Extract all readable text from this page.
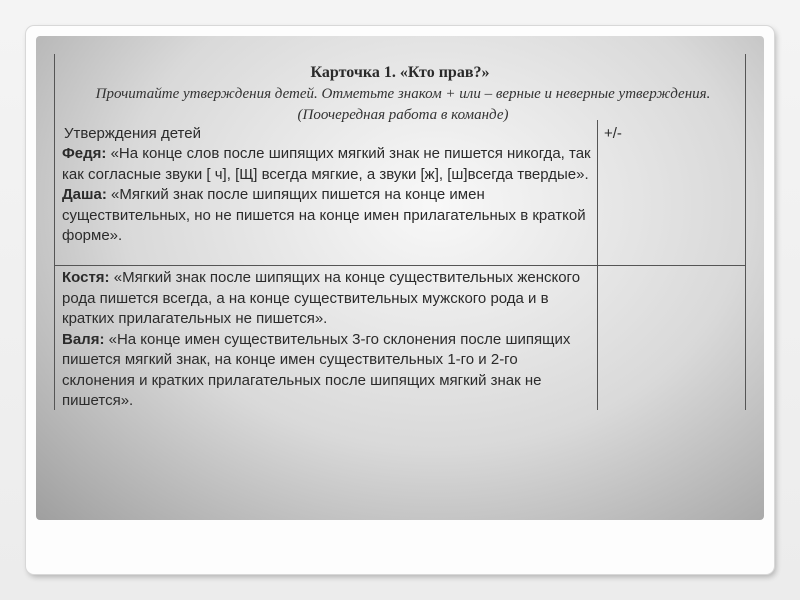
Карточка 1. «Кто прав?»
Прочитайте утверждения детей. Отметьте знаком + или – верные и неверные утверждения. (Поочередная работа в команде)
Утверждения детей	+/-
Федя: «На конце слов после шипящих мягкий знак не пишется никогда, так как согласные звуки [ ч], [Щ] всегда мягкие, а звуки [ж], [ш]всегда твердые».
Даша: «Мягкий знак после шипящих пишется на конце имен существительных, но не пишется на конце имен прилагательных в краткой форме».
Костя: «Мягкий знак после шипящих на конце существительных женского рода пишется всегда, а на конце существительных мужского рода и в кратких прилагательных не пишется».
Валя: «На конце имен существительных 3-го склонения после шипящих пишется мягкий знак, на конце имен существительных 1-го и 2-го склонения и кратких прилагательных после шипящих мягкий знак не пишется».
